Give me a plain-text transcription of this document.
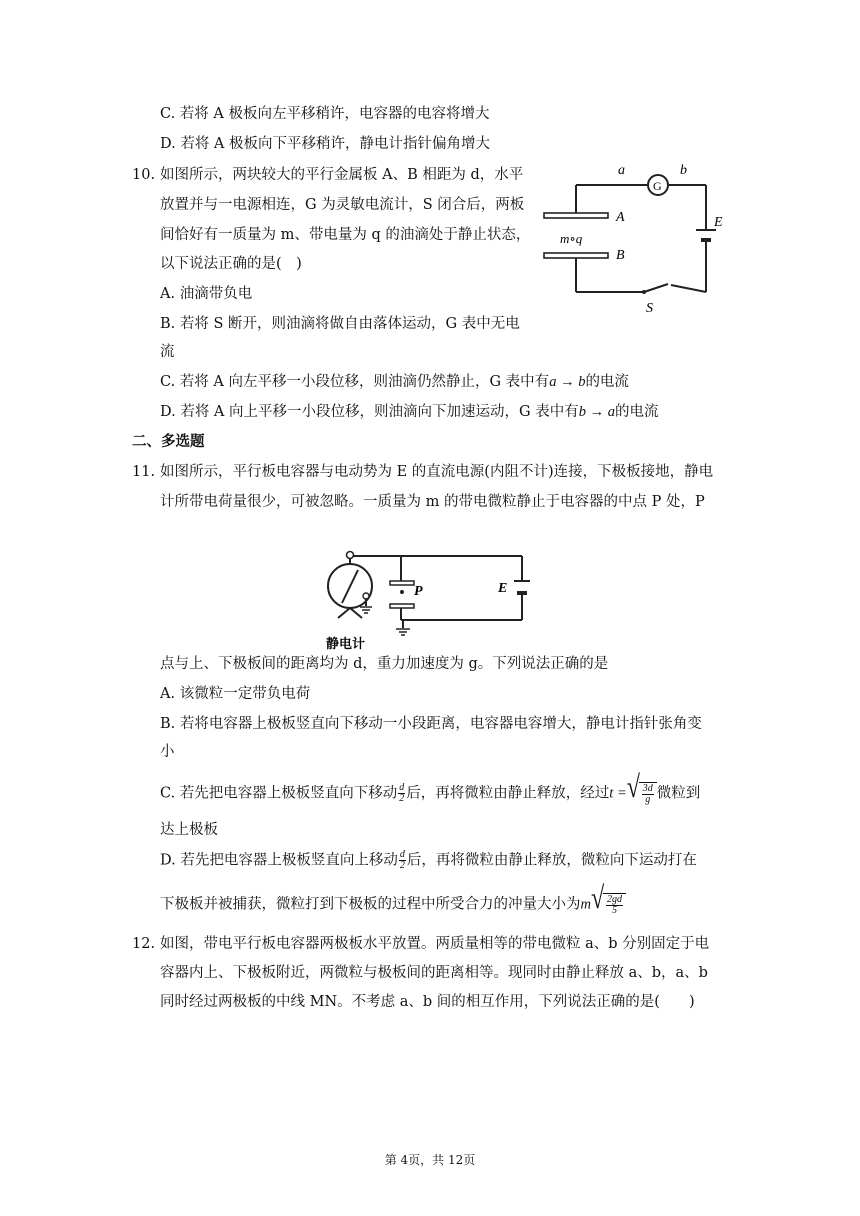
C. 若将 A 极板向左平移稍许，电容器的电容将增大
D. 若将 A 极板向下平移稍许，静电计指针偏角增大
10. 如图所示，两块较大的平行金属板 A、B 相距为 d，水平
放置并与一电源相连，G 为灵敏电流计，S 闭合后，两板
间恰好有一质量为 m、带电量为 q 的油滴处于静止状态，
以下说法正确的是(　)
A. 油滴带负电
B. 若将 S 断开，则油滴将做自由落体运动，G 表中无电
流
C. 若将 A 向左平移一小段位移，则油滴仍然静止，G 表中有a → b的电流
D. 若将 A 向上平移一小段位移，则油滴向下加速运动，G 表中有b → a的电流
G
a	b
A
B
E
S
m∘q
二、多选题
11. 如图所示，平行板电容器与电动势为 E 的直流电源(内阻不计)连接，下极板接地，静电
计所带电荷量很少，可被忽略。一质量为 m 的带电微粒静止于电容器的中点 P 处，P
P	E
静电计
点与上、下极板间的距离均为 d，重力加速度为 g。下列说法正确的是
A. 该微粒一定带负电荷
B. 若将电容器上极板竖直向下移动一小段距离，电容器电容增大，静电计指针张角变
小
C. 若先把电容器上极板竖直向下移动 $\frac{d}{2}$ 后，再将微粒由静止释放，经过t = √ $\frac{3d}{g}$ 微粒到
达上极板
D. 若先把电容器上极板竖直向上移动 $\frac{d}{2}$ 后，再将微粒由静止释放，微粒向下运动打在
下极板并被捕获，微粒打到下极板的过程中所受合力的冲量大小为m √ $\frac{2gd}{5}$
12. 如图，带电平行板电容器两极板水平放置。两质量相等的带电微粒 a、b 分别固定于电
容器内上、下极板附近，两微粒与极板间的距离相等。现同时由静止释放 a、b，a、b
同时经过两极板的中线 MN。不考虑 a、b 间的相互作用，下列说法正确的是(　　)
第 4页，共 12页
